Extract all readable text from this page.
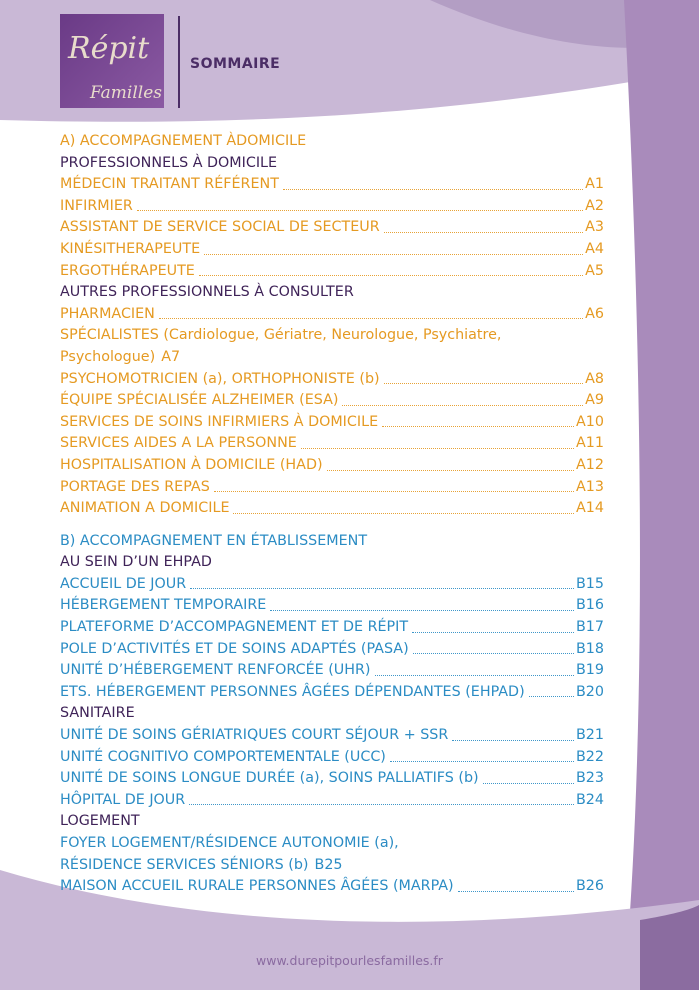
Répit
Familles
SOMMAIRE
A) ACCOMPAGNEMENT ÀDOMICILE
PROFESSIONNELS À DOMICILE
MÉDECIN TRAITANT RÉFÉRENT	A1
INFIRMIER	A2
ASSISTANT DE SERVICE SOCIAL DE SECTEUR	A3
KINÉSITHERAPEUTE	A4
ERGOTHÉRAPEUTE	A5
AUTRES PROFESSIONNELS À CONSULTER
PHARMACIEN	A6
SPÉCIALISTES (Cardiologue, Gériatre, Neurologue, Psychiatre,
Psychologue) A7
PSYCHOMOTRICIEN (a), ORTHOPHONISTE (b)	A8
ÉQUIPE SPÉCIALISÉE ALZHEIMER (ESA)	A9
SERVICES DE SOINS INFIRMIERS À DOMICILE	A10
SERVICES AIDES A LA PERSONNE	A11
HOSPITALISATION À DOMICILE (HAD)	A12
PORTAGE DES REPAS	A13
ANIMATION A DOMICILE	A14
B) ACCOMPAGNEMENT EN ÉTABLISSEMENT
AU SEIN D’UN EHPAD
ACCUEIL DE JOUR	B15
HÉBERGEMENT TEMPORAIRE	B16
PLATEFORME D’ACCOMPAGNEMENT ET DE RÉPIT	B17
POLE D’ACTIVITÉS ET DE SOINS ADAPTÉS (PASA)	B18
UNITÉ D’HÉBERGEMENT RENFORCÉE (UHR)	B19
ETS. HÉBERGEMENT PERSONNES ÂGÉES DÉPENDANTES (EHPAD)	B20
SANITAIRE
UNITÉ DE SOINS GÉRIATRIQUES COURT SÉJOUR + SSR	B21
UNITÉ COGNITIVO COMPORTEMENTALE (UCC)	B22
UNITÉ DE SOINS LONGUE DURÉE (a), SOINS PALLIATIFS (b)	B23
HÔPITAL DE JOUR	B24
LOGEMENT
FOYER LOGEMENT/RÉSIDENCE AUTONOMIE (a),
RÉSIDENCE SERVICES SÉNIORS (b) B25
MAISON ACCUEIL RURALE PERSONNES ÂGÉES (MARPA)	B26
www.durepitpourlesfamilles.fr
